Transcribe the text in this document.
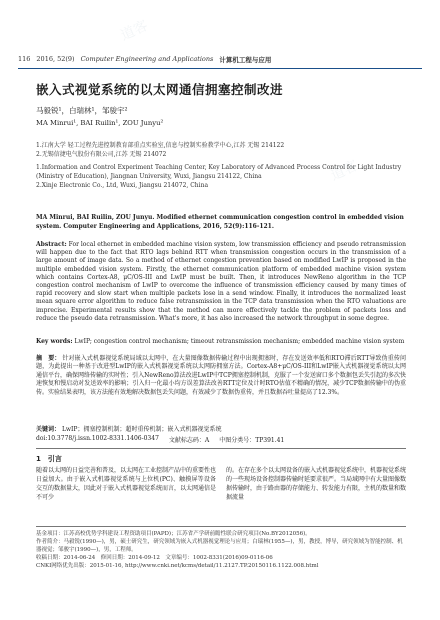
116 2016, 52(9) Computer Engineering and Applications 计算机工程与应用
嵌入式视觉系统的以太网通信拥塞控制改进
马毅锐¹，白瑞林¹，邹骏宇²
MA Minrui¹, BAI Ruilin¹, ZOU Junyu²
1.江南大学 轻工过程先进控制教育部重点实验室,信息与控制实验教学中心,江苏 无锡 214122
2.无锡信捷电气股份有限公司,江苏 无锡 214072
1.Information and Control Experiment Teaching Center, Key Laboratory of Advanced Process Control for Light Industry
(Ministry of Education), Jiangnan University, Wuxi, Jiangsu 214122, China
2.Xinje Electronic Co., Ltd, Wuxi, Jiangsu 214072, China
MA Minrui, BAI Ruilin, ZOU Junyu. Modified ethernet communication congestion control in embedded vision system. Computer Engineering and Applications, 2016, 52(9):116-121.
Abstract: For local ethernet in embedded machine vision system, low transmission efficiency and pseudo retransmission will happen due to the fact that RTO lags behind RTT when transmission congestion occurs in the transmission of a large amount of image data. So a method of ethernet congestion prevention based on modified LwIP is proposed in the multiple embedded vision system. Firstly, the ethernet communication platform of embedded machine vision system which contains Cortex-A8, μC/OS-III and LwIP must be built. Then, it introduces NewReno algorithm in the TCP congestion control mechanism of LwIP to overcome the influence of transmission efficiency caused by many times of rapid recovery and slow start when multiple packets lose in a send window. Finally, it introduces the normalized least mean square error algorithm to reduce false retransmission in the TCP data transmission when the RTO valuations are imprecise. Experimental results show that the method can more effectively tackle the problem of packets loss and reduce the pseudo data retransmission. What's more, it has also increased the network throughput in some degree.
Key words: LwIP; congestion control mechanism; timeout retransmission mechanism; embedded machine vision system
摘　要： 针对嵌入式机器视觉系统局域以太网中，在大量图像数据传输过程中出现拥塞时，存在发送效率低和RTO滞后RTT导致伪重传问题，为此提出一种基于改进型LwIP的嵌入式机器视觉系统以太网防拥塞方法。Cortex-A8+μC/OS-III和LwIP嵌入式机器视觉系统以太网通信平台，确保网络传输的实时性；引入NewReno算法改进LwIP中TCP拥塞控制机制，克服了一个发送窗口多个数据包丢失引起的多次快速恢复和慢启动对发送效率的影响；引入归一化最小均方误差算法改善RTT定位及计时RTO估值不精确的情况，减少TCP数据传输中的伪重传。实验结果表明，该方法能有效地解决数据包丢失问题，有效减少了数据伪重传，并且数据吞吐量提高了12.3%。
关键词： LwIP；拥塞控制机制；超时重传机制；嵌入式机器视觉系统
doi:10.3778/j.issn.1002-8331.1406-0347 文献标志码：A 中图分类号：TP391.41
1　引言
随着以太网的日益完善和普及，以太网在工业控制产品中的重要性也日益加大。由于嵌入式机器视觉系统与上位机(PC)、触摸屏等设备交互的数据量大，因此对于嵌入式机器视觉系统而言，以太网通信是不可少
的。在存在多个以太网设备的嵌入式机器视觉系统中，机器视觉系统的一些现场设备控制器传输时延要求很严。当局域网中有大量图像数据传输时，由于路由器的存储能力、转发能力有限，主机的数量和数据流量
基金项目：江苏高校优势学科建设工程资助项目(PAPD)；江苏省产学研前瞻性联合研究项目(No.BY2012056)。
作者简介：马毅锐(1990—)，男，硕士研究生，研究领域为嵌入式机器视觉理论与应用；白瑞林(1955—)，男，教授，博导，研究领域为智能控制、机器视觉；邹骏宇(1990—)，男，工程师。
收稿日期：2014-06-24　修回日期：2014-09-12　文章编号：1002-8331(2016)09-0116-06
CNKI网络优先出版：2015-01-16, http://www.cnki.net/kcms/detail/11.2127.TP.20150116.1122.008.html
道客
道客
道客
道客
